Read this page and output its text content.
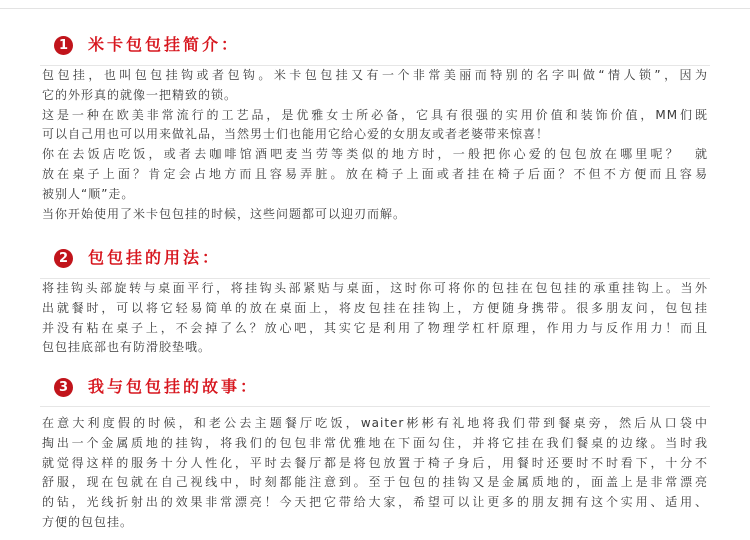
1	米卡包包挂简介：
包包挂，也叫包包挂钩或者包钩。米卡包包挂又有一个非常美丽而特别的名字叫做“情人锁”，因为
它的外形真的就像一把精致的锁。
这是一种在欧美非常流行的工艺品，是优雅女士所必备，它具有很强的实用价值和装饰价值，MM们既
可以自己用也可以用来做礼品，当然男士们也能用它给心爱的女朋友或者老婆带来惊喜！
你在去饭店吃饭，或者去咖啡馆酒吧麦当劳等类似的地方时，一般把你心爱的包包放在哪里呢？  就
放在桌子上面？肯定会占地方而且容易弄脏。放在椅子上面或者挂在椅子后面？不但不方便而且容易
被别人“顺”走。
当你开始使用了米卡包包挂的时候，这些问题都可以迎刃而解。
2	包包挂的用法：
将挂钩头部旋转与桌面平行，将挂钩头部紧贴与桌面，这时你可将你的包挂在包包挂的承重挂钩上。当外
出就餐时，可以将它轻易简单的放在桌面上，将皮包挂在挂钩上，方便随身携带。很多朋友问，包包挂
并没有粘在桌子上，不会掉了么？放心吧，其实它是利用了物理学杠杆原理，作用力与反作用力！而且
包包挂底部也有防滑胶垫哦。
3	我与包包挂的故事：
在意大利度假的时候，和老公去主题餐厅吃饭，waiter彬彬有礼地将我们带到餐桌旁，然后从口袋中
掏出一个金属质地的挂钩，将我们的包包非常优雅地在下面勾住，并将它挂在我们餐桌的边缘。当时我
就觉得这样的服务十分人性化，平时去餐厅都是将包放置于椅子身后，用餐时还要时不时看下，十分不
舒服，现在包就在自己视线中，时刻都能注意到。至于包包的挂钩又是金属质地的，面盖上是非常漂亮
的钻，光线折射出的效果非常漂亮！今天把它带给大家，希望可以让更多的朋友拥有这个实用、适用、
方便的包包挂。
